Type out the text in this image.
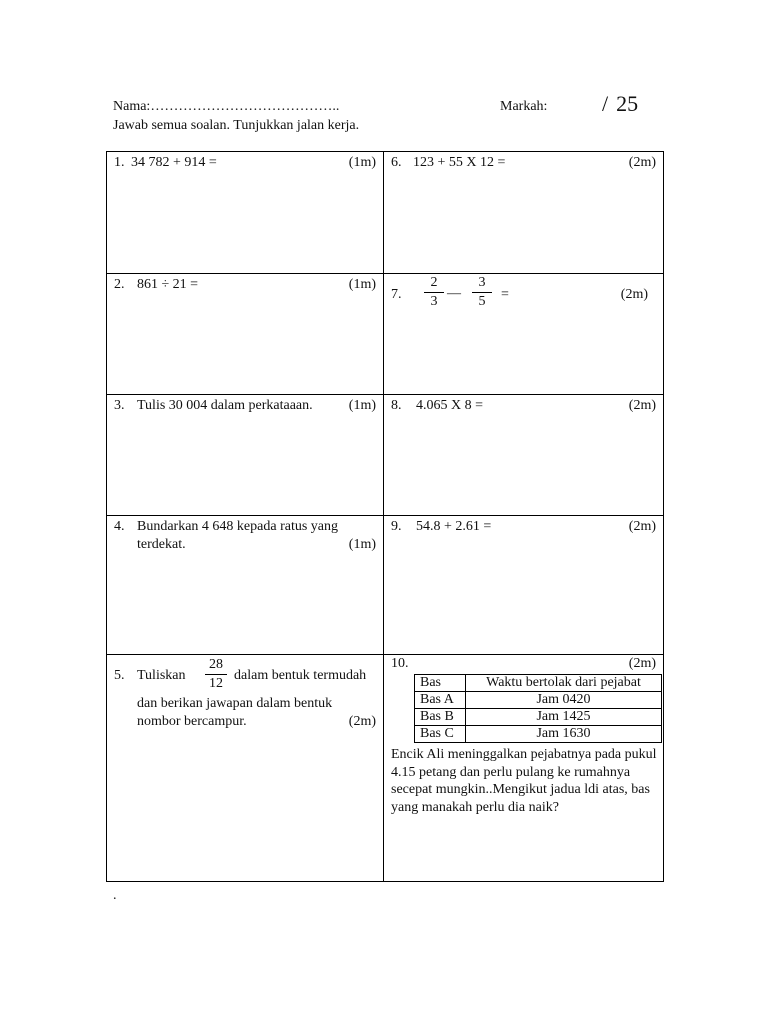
Nama:…………………………………..
Jawab semua soalan. Tunjukkan jalan kerja.
Markah: / 25
1. 34 782 + 914 =	(1m)	6. 123 + 55 X 12 =	(2m)

2. 861 ÷ 21 =	(1m)

7. $\frac{2}{3}$ — $\frac{3}{5}$ =	(2m)

3. Tulis 30 004 dalam perkataaan.	(1m)	8. 4.065 X 8 =	(2m)

4. Bundarkan 4 648 kepada ratus yang
terdekat.	(1m)

9. 54.8 + 2.61 =	(2m)

5. Tuliskan $\frac{28}{12}$ dalam bentuk termudah
dan berikan jawapan dalam bentuk
nombor bercampur.	(2m)

10.	(2m)
Bas	Waktu bertolak dari pejabat
Bas A	Jam 0420
Bas B	Jam 1425
Bas C	Jam 1630
Encik Ali meninggalkan pejabatnya pada pukul 4.15 petang dan perlu pulang ke rumahnya secepat mungkin..Mengikut jadua ldi atas, bas yang manakah perlu dia naik?
.
